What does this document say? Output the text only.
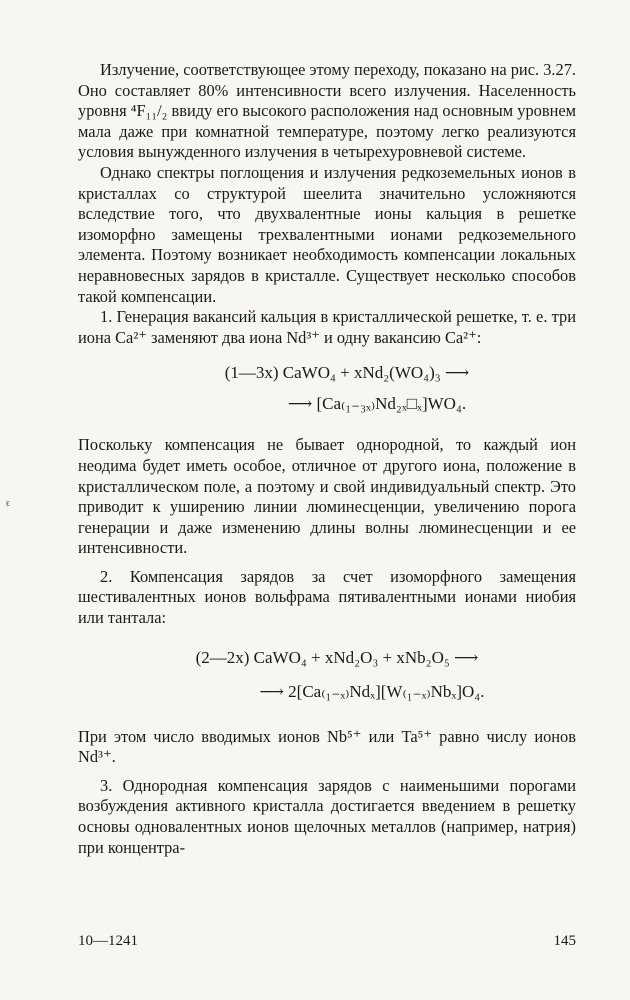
ϵ

Излучение, соответствующее этому переходу, показано на рис. 3.27. Оно составляет 80% интенсивности всего излучения. Населенность уровня ⁴F₁₁/₂ ввиду его высокого расположения над основным уровнем мала даже при комнатной температуре, поэтому легко реализуются условия вынужденного излучения в четырехуровневой системе.

Однако спектры поглощения и излучения редкоземельных ионов в кристаллах со структурой шеелита значительно усложняются вследствие того, что двухвалентные ионы кальция в решетке изоморфно замещены трехвалентными ионами редкоземельного элемента. Поэтому возникает необходимость компенсации локальных неравновесных зарядов в кристалле. Существует несколько способов такой компенсации.

1. Генерация вакансий кальция в кристаллической решетке, т. е. три иона Ca²⁺ заменяют два иона Nd³⁺ и одну вакансию Ca²⁺:

(1—3x) CaWO₄ + xNd₂(WO₄)₃ ⟶
⟶ [Ca₍₁₋₃ₓ₎Nd₂ₓ□ₓ]WO₄.

Поскольку компенсация не бывает однородной, то каждый ион неодима будет иметь особое, отличное от другого иона, положение в кристаллическом поле, а поэтому и свой индивидуальный спектр. Это приводит к уширению линии люминесценции, увеличению порога генерации и даже изменению длины волны люминесценции и ее интенсивности.

2. Компенсация зарядов за счет изоморфного замещения шестивалентных ионов вольфрама пятивалентными ионами ниобия или тантала:

(2—2x) CaWO₄ + xNd₂O₃ + xNb₂O₅ ⟶
⟶ 2[Ca₍₁₋ₓ₎Ndₓ][W₍₁₋ₓ₎Nbₓ]O₄.

При этом число вводимых ионов Nb⁵⁺ или Ta⁵⁺ равно числу ионов Nd³⁺.

3. Однородная компенсация зарядов с наименьшими порогами возбуждения активного кристалла достигается введением в решетку основы одновалентных ионов щелочных металлов (например, натрия) при концентра-

10—1241	145
